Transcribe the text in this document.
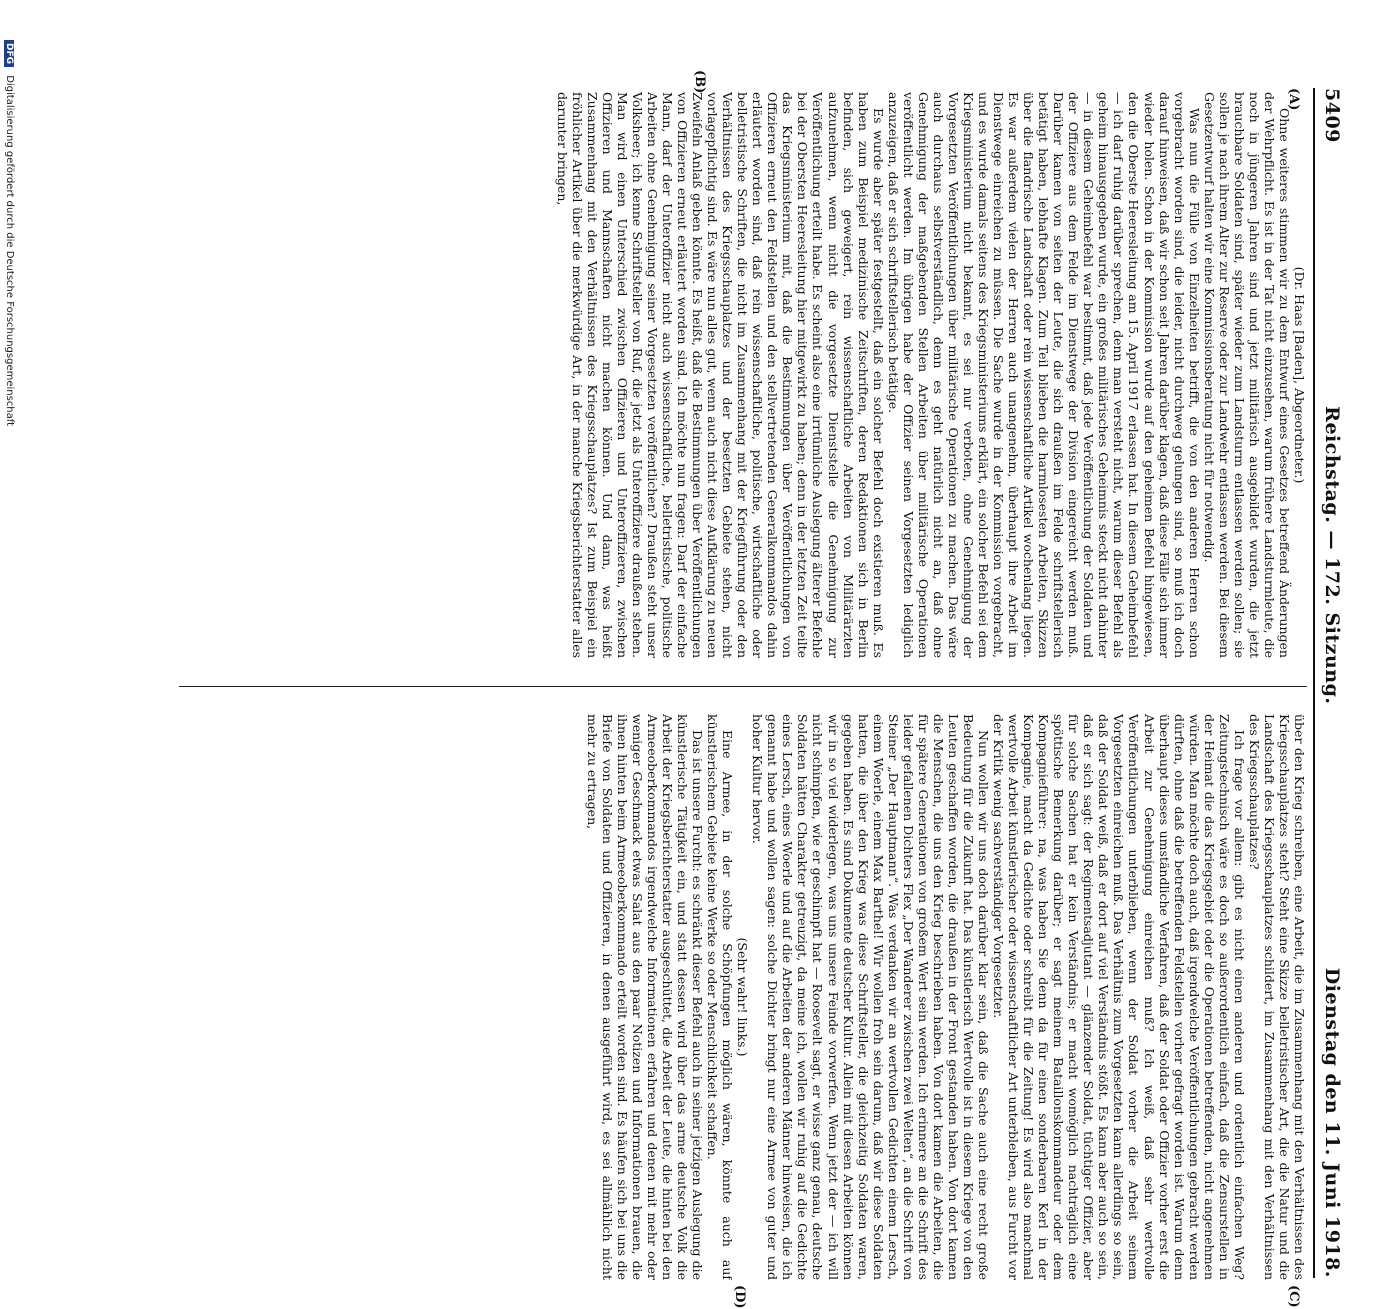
5409
Reichstag. — 172. Sitzung.
Dienstag den 11. Juni 1918.
(A)
(B)
(C)
(D)

(Dr. Haas [Baden], Abgeordneter.)

Ohne weiteres stimmen wir zu dem Entwurf eines Gesetzes betreffend Änderungen der Wehrpflicht. Es ist in der Tat nicht einzusehen, warum frühere Landsturmleute, die noch in jüngeren Jahren sind und jetzt militärisch ausgebildet wurden, die jetzt brauchbare Soldaten sind, später wieder zum Landsturm entlassen werden sollen; sie sollen je nach ihrem Alter zur Reserve oder zur Landwehr entlassen werden. Bei diesem Gesetzentwurf halten wir eine Kommissionsberatung nicht für notwendig.

Was nun die Fülle von Einzelheiten betrifft, die von den anderen Herren schon vorgebracht worden sind, die leider, nicht durchweg gelungen sind, so muß ich doch darauf hinweisen, daß wir schon seit Jahren darüber klagen, daß diese Fälle sich immer wieder holen. Schon in der Kommission wurde auf den geheimen Befehl hingewiesen, den die Oberste Heeresleitung am 15. April 1917 erlassen hat. In diesem Geheimbefehl — ich darf ruhig darüber sprechen, denn man versteht nicht, warum dieser Befehl als geheim hinausgegeben wurde, ein großes militärisches Geheimnis steckt nicht dahinter — in diesem Geheimbefehl war bestimmt, daß jede Veröffentlichung der Soldaten und der Offiziere aus dem Felde im Dienstwege der Division eingereicht werden muß. Darüber kamen von seiten der Leute, die sich draußen im Felde schriftstellerisch betätigt haben, lebhafte Klagen. Zum Teil blieben die harmlosesten Arbeiten, Skizzen über die flandrische Landschaft oder rein wissenschaftliche Artikel wochenlang liegen. Es war außerdem vielen der Herren auch unangenehm, überhaupt ihre Arbeit im Dienstwege einreichen zu müssen. Die Sache wurde in der Kommission vorgebracht, und es wurde damals seitens des Kriegsministeriums erklärt, ein solcher Befehl sei dem Kriegsministerium nicht bekannt, es sei nur verboten, ohne Genehmigung der Vorgesetzten Veröffentlichungen über militärische Operationen zu machen. Das wäre auch durchaus selbstverständlich, denn es geht natürlich nicht an, daß ohne Genehmigung der maßgebenden Stellen Arbeiten über militärische Operationen veröffentlicht werden. Im übrigen habe der Offizier seinen Vorgesetzten lediglich anzuzeigen, daß er sich schriftstellerisch betätige.

Es wurde aber später festgestellt, daß ein solcher Befehl doch existieren muß. Es haben zum Beispiel medizinische Zeitschriften, deren Redaktionen sich in Berlin befinden, sich geweigert, rein wissenschaftliche Arbeiten von Militärärzten aufzunehmen, wenn nicht die vorgesetzte Dienststelle die Genehmigung zur Veröffentlichung erteilt habe. Es scheint also eine irrtümliche Auslegung älterer Befehle bei der Obersten Heeresleitung hier mitgewirkt zu haben; denn in der letzten Zeit teilte das Kriegsministerium mit, daß die Bestimmungen über Veröffentlichungen von Offizieren erneut den Feldstellen und den stellvertretenden Generalkommandos dahin erläutert worden sind, daß rein wissenschaftliche, politische, wirtschaftliche oder belletristische Schriften, die nicht im Zusammenhang mit der Kriegführung oder den Verhältnissen des Kriegsschauplatzes und der besetzten Gebiete stehen, nicht vorlagepflichtig sind. Es wäre nun alles gut, wenn auch nicht diese Aufklärung zu neuen Zweifeln Anlaß geben könnte. Es heißt, daß die Bestimmungen über Veröffentlichungen von Offizieren erneut erläutert worden sind. Ich möchte nun fragen: Darf der einfache Mann, darf der Unteroffizier nicht auch wissenschaftliche, belletristische, politische Arbeiten ohne Genehmigung seiner Vorgesetzten veröffentlichen? Draußen steht unser Volksheer; ich kenne Schriftsteller von Ruf, die jetzt als Unteroffiziere draußen stehen. Man wird einen Unterschied zwischen Offizieren und Unteroffizieren, zwischen Offizieren und Mannschaften nicht machen können. Und dann, was heißt Zusammenhang mit den Verhältnissen des Kriegsschauplatzes? Ist zum Beispiel ein fröhlicher Artikel über die merkwürdige Art, in der manche Kriegsberichterstatter alles darunter bringen,

über den Krieg schreiben, eine Arbeit, die im Zusammenhang mit den Verhältnissen des Kriegsschauplatzes steht? Steht eine Skizze belletristischer Art, die die Natur und die Landschaft des Kriegsschauplatzes schildert, im Zusammenhang mit den Verhältnissen des Kriegsschauplatzes?

Ich frage vor allem: gibt es nicht einen anderen und ordentlich einfachen Weg? Zeitungstechnisch wäre es doch so außerordentlich einfach, daß die Zensurstellen in der Heimat die das Kriegsgebiet oder die Operationen betreffenden, nicht angenehmen würden. Man möchte doch auch, daß irgendwelche Veröffentlichungen gebracht werden dürften, ohne daß die betreffenden Feldstellen vorher gefragt worden ist. Warum denn überhaupt dieses umständliche Verfahren, daß der Soldat oder Offizier vorher erst die Arbeit zur Genehmigung einreichen muß? Ich weiß, daß sehr wertvolle Veröffentlichungen unterblieben, wenn der Soldat vorher die Arbeit seinem Vorgesetzten einreichen muß. Das Verhältnis zum Vorgesetzten kann allerdings so sein, daß der Soldat weiß, daß er dort auf viel Verständnis stößt. Es kann aber auch so sein, daß er sich sagt: der Regimentsadjutant — glänzender Soldat, tüchtiger Offizier, aber für solche Sachen hat er kein Verständnis; er macht womöglich nachträglich eine spöttische Bemerkung darüber; er sagt meinem Bataillonskommandeur oder dem Kompagnieführer: na, was haben Sie denn da für einen sonderbaren Kerl in der Kompagnie, macht da Gedichte oder schreibt für die Zeitung! Es wird also manchmal wertvolle Arbeit künstlerischer oder wissenschaftlicher Art unterbleiben, aus Furcht vor der Kritik wenig sachverständiger Vorgesetzter.

Nun wollen wir uns doch darüber klar sein, daß die Sache auch eine recht große Bedeutung für die Zukunft hat. Das künstlerisch Wertvolle ist in diesem Kriege von den Leuten geschaffen worden, die draußen in der Front gestanden haben. Von dort kamen die Menschen, die uns den Krieg beschrieben haben. Von dort kamen die Arbeiten, die für spätere Generationen von großem Wert sein werden. Ich erinnere an die Schrift des leider gefallenen Dichters Flex „Der Wanderer zwischen zwei Welten“, an die Schrift von Steiner „Der Hauptmann“. Was verdanken wir an wertvollen Gedichten einem Lersch, einem Woerle, einem Max Barthel! Wir wollen froh sein darum, daß wir diese Soldaten hatten, die über den Krieg was diese Schriftsteller, die gleichzeitig Soldaten waren, gegeben haben. Es sind Dokumente deutscher Kultur. Allein mit diesen Arbeiten können wir in so viel widerlegen, was uns unsere Feinde vorwerfen. Wenn jetzt der — ich will nicht schimpfen, wie er geschimpft hat — Roosevelt sagt, er wisse ganz genau, deutsche Soldaten hätten Charakter getreuzigt, da meine ich, wollen wir ruhig auf die Gedichte eines Lersch, eines Woerle und auf die Arbeiten der anderen Männer hinweisen, die ich genannt habe und wollen sagen: solche Dichter bringt nur eine Armee von guter und hoher Kultur hervor.

(Sehr wahr! links.)

Eine Armee, in der solche Schöpfungen möglich wären, könnte auch auf künstlerischem Gebiete keine Werke so oder Menschlichkeit schaffen.

Das ist unsere Furcht: es schränkt dieser Befehl auch in seiner jetzigen Auslegung die künstlerische Tätigkeit ein, und statt dessen wird über das arme deutsche Volk die Arbeit der Kriegsberichterstatter ausgeschüttet, die Arbeit der Leute, die hinten bei den Armeeoberkommandos irgendwelche Informationen erfahren und denen mit mehr oder weniger Geschmack etwas Salat aus den paar Notizen und Informationen brauen, die ihnen hinten beim Armeeoberkommando erteilt worden sind. Es häufen sich bei uns die Briefe von Soldaten und Offizieren, in denen ausgeführt wird, es sei allmählich nicht mehr zu ertragen,

DFG Digitalisierung gefördert durch die Deutsche Forschungsgemeinschaft
